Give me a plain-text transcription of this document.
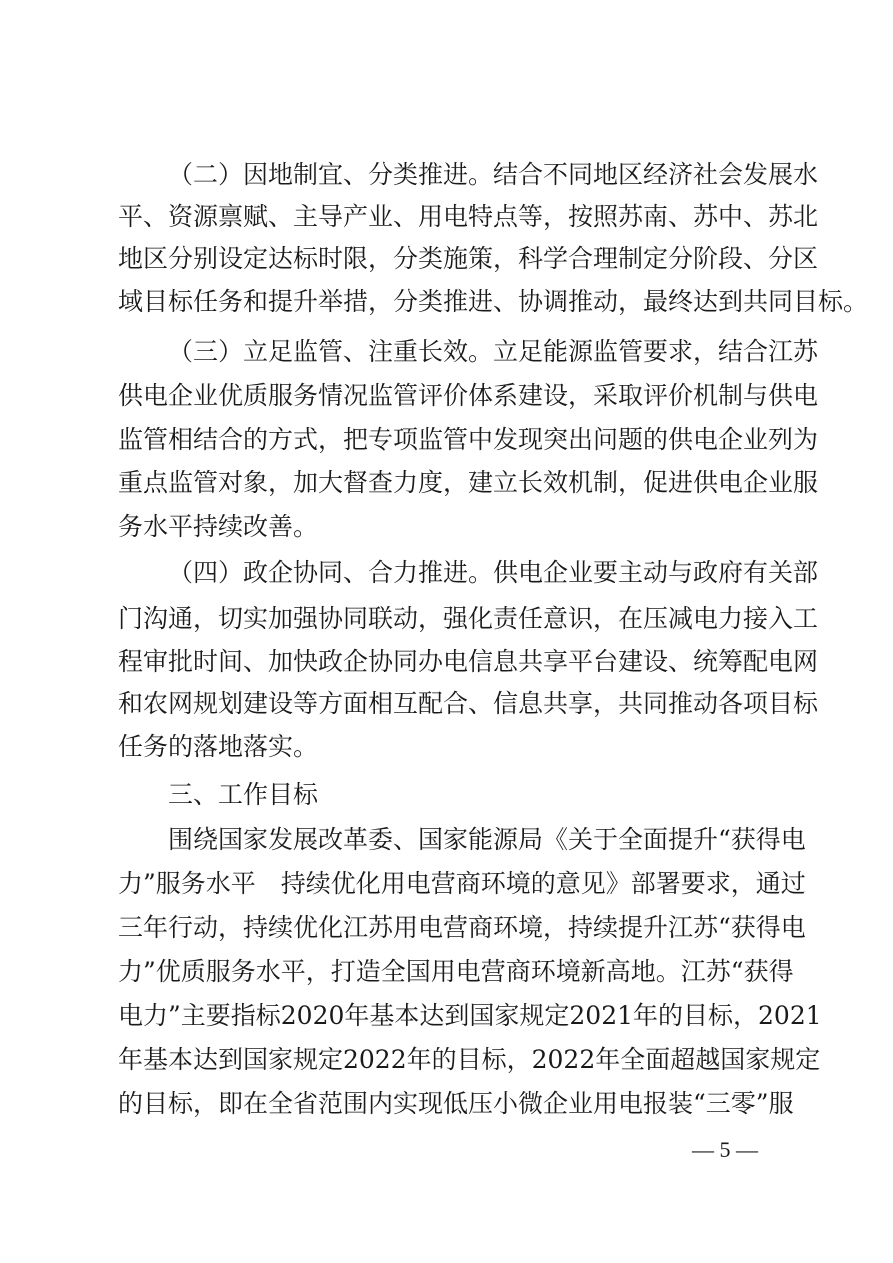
（二）因地制宜、分类推进。结合不同地区经济社会发展水
平、资源禀赋、主导产业、用电特点等，按照苏南、苏中、苏北
地区分别设定达标时限，分类施策，科学合理制定分阶段、分区
域目标任务和提升举措，分类推进、协调推动，最终达到共同目标。
（三）立足监管、注重长效。立足能源监管要求，结合江苏
供电企业优质服务情况监管评价体系建设，采取评价机制与供电
监管相结合的方式，把专项监管中发现突出问题的供电企业列为
重点监管对象，加大督查力度，建立长效机制，促进供电企业服
务水平持续改善。
（四）政企协同、合力推进。供电企业要主动与政府有关部
门沟通，切实加强协同联动，强化责任意识，在压减电力接入工
程审批时间、加快政企协同办电信息共享平台建设、统筹配电网
和农网规划建设等方面相互配合、信息共享，共同推动各项目标
任务的落地落实。
三、工作目标
围绕国家发展改革委、国家能源局《关于全面提升“获得电
力”服务水平　持续优化用电营商环境的意见》部署要求，通过
三年行动，持续优化江苏用电营商环境，持续提升江苏“获得电
力”优质服务水平，打造全国用电营商环境新高地。江苏“获得
电力”主要指标2020年基本达到国家规定2021年的目标，2021
年基本达到国家规定2022年的目标，2022年全面超越国家规定
的目标，即在全省范围内实现低压小微企业用电报装“三零”服
— 5 —
